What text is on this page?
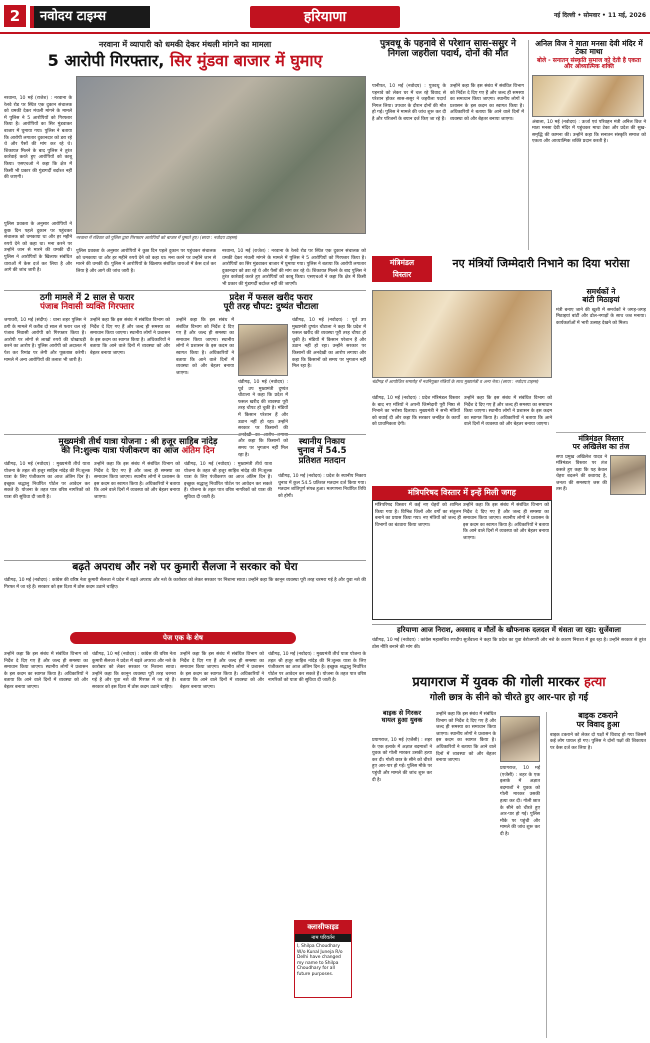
2	नवोदय टाइम्स	हरियाणा	नई दिल्ली • सोमवार • 11 मई, 2026
नरवाना में व्यापारी को धमकी देकर मंथली मांगने का मामला
5 आरोपी गिरफ्तार, सिर मुंडवा बाजार में घुमाए
नरवाना, 10 मई (राजेश) : नरवाना के रेलवे रोड पर स्थित एक दुकान संचालक को धमकी देकर मंथली मांगने के मामले में पुलिस ने 5 आरोपियों को गिरफ्तार किया है। आरोपियों का सिर मुंडवाकर बाजार में घुमाया गया। पुलिस ने बताया कि आरोपी लगातार दुकानदार को डरा रहे थे और पैसों की मांग कर रहे थे। शिकायत मिलने के बाद पुलिस ने तुरंत कार्रवाई करते हुए आरोपियों को काबू किया। एसएचओ ने कहा कि क्षेत्र में किसी भी प्रकार की गुंडागर्दी बर्दाश्त नहीं की जाएगी।
पुलिस प्रवक्ता के अनुसार आरोपियों ने कुछ दिन पहले दुकान पर पहुंचकर संचालक को धमकाया था और हर महीने रुपये देने को कहा था। मना करने पर उन्होंने जान से मारने की धमकी दी। पुलिस ने आरोपियों के खिलाफ संबंधित धाराओं में केस दर्ज कर लिया है और आगे की जांच जारी है।
नरवाना में रविवार को पुलिस द्वारा गिरफ्तार आरोपियों को बाजार में घुमाते हुए। (छाया : नवोदय टाइम्स)
पुलिस प्रवक्ता के अनुसार आरोपियों ने कुछ दिन पहले दुकान पर पहुंचकर संचालक को धमकाया था और हर महीने रुपये देने को कहा था। मना करने पर उन्होंने जान से मारने की धमकी दी। पुलिस ने आरोपियों के खिलाफ संबंधित धाराओं में केस दर्ज कर लिया है और आगे की जांच जारी है।
नरवाना, 10 मई (राजेश) : नरवाना के रेलवे रोड पर स्थित एक दुकान संचालक को धमकी देकर मंथली मांगने के मामले में पुलिस ने 5 आरोपियों को गिरफ्तार किया है। आरोपियों का सिर मुंडवाकर बाजार में घुमाया गया। पुलिस ने बताया कि आरोपी लगातार दुकानदार को डरा रहे थे और पैसों की मांग कर रहे थे। शिकायत मिलने के बाद पुलिस ने तुरंत कार्रवाई करते हुए आरोपियों को काबू किया। एसएचओ ने कहा कि क्षेत्र में किसी भी प्रकार की गुंडागर्दी बर्दाश्त नहीं की जाएगी।
ठगी मामले में 2 साल से फरार
पंजाब निवासी व्यक्ति गिरफ्तार
जगाधरी, 10 मई (संदीप) : थाना शहर पुलिस ने ठगी के मामले में करीब दो साल से फरार चल रहे पंजाब निवासी आरोपी को गिरफ्तार किया है। आरोपी पर लोगों से लाखों रुपये की धोखाधड़ी करने का आरोप है। पुलिस आरोपी को अदालत में पेश कर रिमांड पर लेगी और पूछताछ करेगी। मामले में अन्य आरोपियों की तलाश भी जारी है।
उन्होंने कहा कि इस संबंध में संबंधित विभाग को निर्देश दे दिए गए हैं और जल्द ही समस्या का समाधान किया जाएगा। स्थानीय लोगों ने प्रशासन के इस कदम का स्वागत किया है। अधिकारियों ने बताया कि आने वाले दिनों में व्यवस्था को और बेहतर बनाया जाएगा।
प्रदेश में फसल खरीद फरार
पूरी तरह चौपट: दुष्यंत चौटाला
उन्होंने कहा कि इस संबंध में संबंधित विभाग को निर्देश दे दिए गए हैं और जल्द ही समस्या का समाधान किया जाएगा। स्थानीय लोगों ने प्रशासन के इस कदम का स्वागत किया है। अधिकारियों ने बताया कि आने वाले दिनों में व्यवस्था को और बेहतर बनाया जाएगा।
चंडीगढ़, 10 मई (नवोदय) : पूर्व उप मुख्यमंत्री दुष्यंत चौटाला ने कहा कि प्रदेश में फसल खरीद की व्यवस्था पूरी तरह चौपट हो चुकी है। मंडियों में किसान परेशान हैं और उठान नहीं हो रहा। उन्होंने सरकार पर किसानों की अनदेखी का आरोप लगाया और कहा कि किसानों को समय पर भुगतान नहीं मिल रहा है।
चंडीगढ़, 10 मई (नवोदय) : पूर्व उप मुख्यमंत्री दुष्यंत चौटाला ने कहा कि प्रदेश में फसल खरीद की व्यवस्था पूरी तरह चौपट हो चुकी है। मंडियों में किसान परेशान हैं और उठान नहीं हो रहा। उन्होंने सरकार पर किसानों की अनदेखी का आरोप लगाया और कहा कि किसानों को समय पर भुगतान नहीं मिल रहा है।
मुख्यमंत्री तीर्थ यात्रा योजना : श्री हजूर साहिब नांदेड़
की नि:शुल्क यात्रा पंजीकरण का आज अंतिम दिन
चंडीगढ़, 10 मई (नवोदय) : मुख्यमंत्री तीर्थ यात्रा योजना के तहत श्री हजूर साहिब नांदेड़ की नि:शुल्क यात्रा के लिए पंजीकरण का आज अंतिम दिन है। इच्छुक श्रद्धालु निर्धारित पोर्टल पर आवेदन कर सकते हैं। योजना के तहत पात्र वरिष्ठ नागरिकों को यात्रा की सुविधा दी जाती है।
उन्होंने कहा कि इस संबंध में संबंधित विभाग को निर्देश दे दिए गए हैं और जल्द ही समस्या का समाधान किया जाएगा। स्थानीय लोगों ने प्रशासन के इस कदम का स्वागत किया है। अधिकारियों ने बताया कि आने वाले दिनों में व्यवस्था को और बेहतर बनाया जाएगा।
चंडीगढ़, 10 मई (नवोदय) : मुख्यमंत्री तीर्थ यात्रा योजना के तहत श्री हजूर साहिब नांदेड़ की नि:शुल्क यात्रा के लिए पंजीकरण का आज अंतिम दिन है। इच्छुक श्रद्धालु निर्धारित पोर्टल पर आवेदन कर सकते हैं। योजना के तहत पात्र वरिष्ठ नागरिकों को यात्रा की सुविधा दी जाती है।
स्थानीय निकाय
चुनाव में 54.5
प्रतिशत मतदान
चंडीगढ़, 10 मई (नवोदय) : प्रदेश के स्थानीय निकाय चुनाव में कुल 54.5 प्रतिशत मतदान दर्ज किया गया। मतदान शांतिपूर्ण संपन्न हुआ। मतगणना निर्धारित तिथि को होगी।
बढ़ते अपराध और नशे पर कुमारी सैलजा ने सरकार को घेरा
चंडीगढ़, 10 मई (नवोदय) : कांग्रेस की वरिष्ठ नेता कुमारी सैलजा ने प्रदेश में बढ़ते अपराध और नशे के कारोबार को लेकर सरकार पर निशाना साधा। उन्होंने कहा कि कानून व्यवस्था पूरी तरह चरमरा गई है और युवा नशे की गिरफ्त में जा रहे हैं। सरकार को इस दिशा में ठोस कदम उठाने चाहिए।
पेज एक के शेष
उन्होंने कहा कि इस संबंध में संबंधित विभाग को निर्देश दे दिए गए हैं और जल्द ही समस्या का समाधान किया जाएगा। स्थानीय लोगों ने प्रशासन के इस कदम का स्वागत किया है। अधिकारियों ने बताया कि आने वाले दिनों में व्यवस्था को और बेहतर बनाया जाएगा।
चंडीगढ़, 10 मई (नवोदय) : कांग्रेस की वरिष्ठ नेता कुमारी सैलजा ने प्रदेश में बढ़ते अपराध और नशे के कारोबार को लेकर सरकार पर निशाना साधा। उन्होंने कहा कि कानून व्यवस्था पूरी तरह चरमरा गई है और युवा नशे की गिरफ्त में जा रहे हैं। सरकार को इस दिशा में ठोस कदम उठाने चाहिए।
उन्होंने कहा कि इस संबंध में संबंधित विभाग को निर्देश दे दिए गए हैं और जल्द ही समस्या का समाधान किया जाएगा। स्थानीय लोगों ने प्रशासन के इस कदम का स्वागत किया है। अधिकारियों ने बताया कि आने वाले दिनों में व्यवस्था को और बेहतर बनाया जाएगा।
चंडीगढ़, 10 मई (नवोदय) : मुख्यमंत्री तीर्थ यात्रा योजना के तहत श्री हजूर साहिब नांदेड़ की नि:शुल्क यात्रा के लिए पंजीकरण का आज अंतिम दिन है। इच्छुक श्रद्धालु निर्धारित पोर्टल पर आवेदन कर सकते हैं। योजना के तहत पात्र वरिष्ठ नागरिकों को यात्रा की सुविधा दी जाती है।
क्लासीफाइड
नाम परिवर्तन
I, Shilpa Choudhary W/o Kunal Juneja R/o Delhi have changed my name to Shilpa Choudhary for all future purposes.
पुत्रवधू के पहनावे से परेशान सास-ससुर ने निगला जहरीला पदार्थ, दोनों की मौत
पानीपत, 10 मई (नवोदय) : पुत्रवधू के पहनावे को लेकर घर में चल रहे विवाद से परेशान होकर सास-ससुर ने जहरीला पदार्थ निगल लिया। उपचार के दौरान दोनों की मौत हो गई। पुलिस ने मामले की जांच शुरू कर दी है और परिजनों के बयान दर्ज किए जा रहे हैं।
उन्होंने कहा कि इस संबंध में संबंधित विभाग को निर्देश दे दिए गए हैं और जल्द ही समस्या का समाधान किया जाएगा। स्थानीय लोगों ने प्रशासन के इस कदम का स्वागत किया है। अधिकारियों ने बताया कि आने वाले दिनों में व्यवस्था को और बेहतर बनाया जाएगा।
अनिल विज ने माता मनसा देवी मंदिर में टेका माथा
बोले - सनातन संस्कृति समाज को देती है एकता और आध्यात्मिक शक्ति
अंबाला, 10 मई (नवोदय) : ऊर्जा एवं परिवहन मंत्री अनिल विज ने माता मनसा देवी मंदिर में पहुंचकर माथा टेका और प्रदेश की सुख-समृद्धि की कामना की। उन्होंने कहा कि सनातन संस्कृति समाज को एकता और आध्यात्मिक शक्ति प्रदान करती है।
मंत्रिमंडल
विस्तार
नए मंत्रियों जिम्मेदारी निभाने का दिया भरोसा
चंडीगढ़ में आयोजित समारोह में नवनियुक्त मंत्रियों के साथ मुख्यमंत्री व अन्य नेता। (छाया : नवोदय टाइम्स)
समर्थकों ने
बांटी मिठाइयां
मंत्री बनाए जाने की खुशी में समर्थकों ने जगह-जगह मिठाइयां बांटीं और ढोल-नगाड़ों के साथ जश्न मनाया। कार्यकर्ताओं में भारी उत्साह देखने को मिला।
चंडीगढ़, 10 मई (नवोदय) : प्रदेश मंत्रिमंडल विस्तार के बाद नए मंत्रियों ने अपनी जिम्मेदारी पूरी निष्ठा से निभाने का भरोसा दिलाया। मुख्यमंत्री ने सभी मंत्रियों को बधाई दी और कहा कि सरकार जनहित के कार्यों को प्राथमिकता देगी।
उन्होंने कहा कि इस संबंध में संबंधित विभाग को निर्देश दे दिए गए हैं और जल्द ही समस्या का समाधान किया जाएगा। स्थानीय लोगों ने प्रशासन के इस कदम का स्वागत किया है। अधिकारियों ने बताया कि आने वाले दिनों में व्यवस्था को और बेहतर बनाया जाएगा।
मंत्रिमंडल विस्तार
पर अखिलेश का तंज
सपा प्रमुख अखिलेश यादव ने मंत्रिमंडल विस्तार पर तंज कसते हुए कहा कि यह केवल चेहरा बदलने की कवायद है, जनता की समस्याएं जस की तस हैं।
मंत्रिपरिषद विस्तार में इन्हें मिली जगह
मंत्रिपरिषद विस्तार में कई नए चेहरों को शामिल किया गया है। विभिन्न जिलों और वर्गों का संतुलन बनाने का प्रयास किया गया। नए मंत्रियों को जल्द ही विभागों का बंटवारा किया जाएगा।
उन्होंने कहा कि इस संबंध में संबंधित विभाग को निर्देश दे दिए गए हैं और जल्द ही समस्या का समाधान किया जाएगा। स्थानीय लोगों ने प्रशासन के इस कदम का स्वागत किया है। अधिकारियों ने बताया कि आने वाले दिनों में व्यवस्था को और बेहतर बनाया जाएगा।
हरियाणा आज निराश, अवसाद व मौतों के खौफनाक दलदल में धंसता जा रहा: सुर्जेवाला
चंडीगढ़, 10 मई (नवोदय) : कांग्रेस महासचिव रणदीप सुर्जेवाला ने कहा कि प्रदेश का युवा बेरोजगारी और नशे के कारण निराशा में डूब रहा है। उन्होंने सरकार से तुरंत ठोस नीति बनाने की मांग की।
प्रयागराज में युवक की गोली मारकर हत्या
गोली छात्र के सीने को चीरते हुए आर-पार हो गई
बाइक से गिरकर
घायल हुआ युवक
प्रयागराज, 10 मई (एजेंसी) : शहर के एक इलाके में अज्ञात बदमाशों ने युवक को गोली मारकर उसकी हत्या कर दी। गोली छात्र के सीने को चीरते हुए आर-पार हो गई। पुलिस मौके पर पहुंची और मामले की जांच शुरू कर दी है।
उन्होंने कहा कि इस संबंध में संबंधित विभाग को निर्देश दे दिए गए हैं और जल्द ही समस्या का समाधान किया जाएगा। स्थानीय लोगों ने प्रशासन के इस कदम का स्वागत किया है। अधिकारियों ने बताया कि आने वाले दिनों में व्यवस्था को और बेहतर बनाया जाएगा।
प्रयागराज, 10 मई (एजेंसी) : शहर के एक इलाके में अज्ञात बदमाशों ने युवक को गोली मारकर उसकी हत्या कर दी। गोली छात्र के सीने को चीरते हुए आर-पार हो गई। पुलिस मौके पर पहुंची और मामले की जांच शुरू कर दी है।
बाइक टकराने
पर विवाद हुआ
बाइक टकराने को लेकर दो पक्षों में विवाद हो गया जिसमें कई लोग घायल हो गए। पुलिस ने दोनों पक्षों की शिकायत पर केस दर्ज कर लिया है।
